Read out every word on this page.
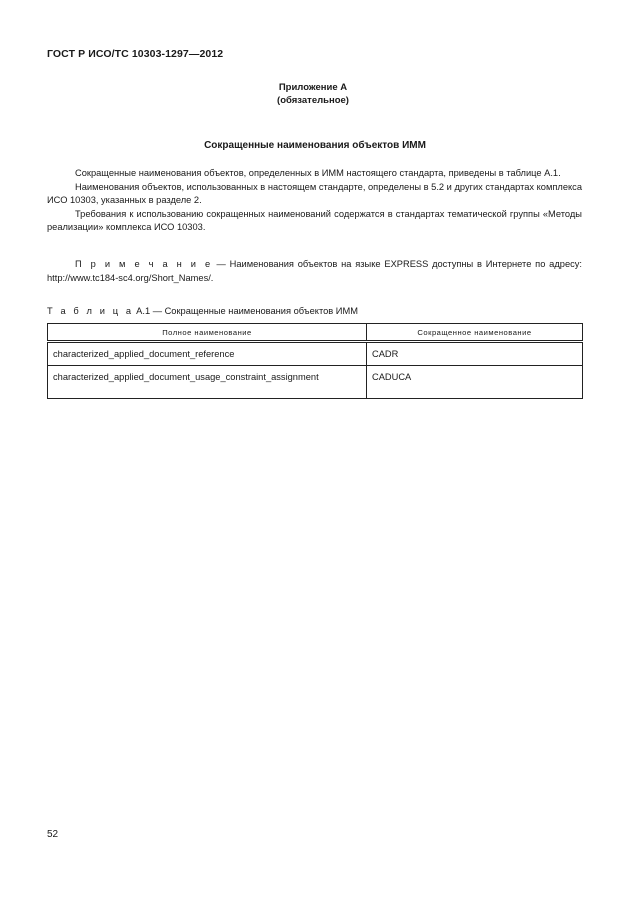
ГОСТ Р ИСО/ТС 10303-1297—2012
Приложение А
(обязательное)
Сокращенные наименования объектов ИММ

Сокращенные наименования объектов, определенных в ИММ настоящего стандарта, приведены в таблице А.1.

Наименования объектов, использованных в настоящем стандарте, определены в 5.2 и других стандартах комплекса ИСО 10303, указанных в разделе 2.

Требования к использованию сокращенных наименований содержатся в стандартах тематической группы «Методы реализации» комплекса ИСО 10303.

П р и м е ч а н и е — Наименования объектов на языке EXPRESS доступны в Интернете по адресу: http://www.tc184-sc4.org/Short_Names/.

Т а б л и ц а А.1 — Сокращенные наименования объектов ИММ
Полное наименование	Сокращенное наименование
characterized_applied_document_reference	CADR
characterized_applied_document_usage_constraint_assignment	CADUCA
52
